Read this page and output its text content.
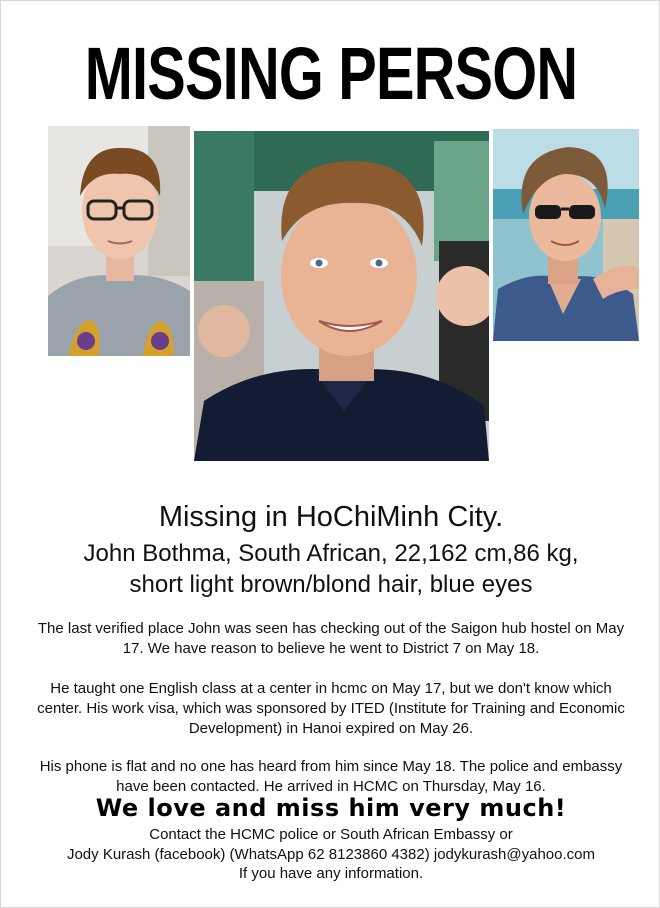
MISSING PERSON
Missing in HoChiMinh City.
John Bothma, South African, 22,162 cm,86 kg,
short light brown/blond hair, blue eyes
The last verified place John was seen has checking out of the Saigon hub hostel on May 17. We have reason to believe he went to District 7 on May 18.
He taught one English class at a center in hcmc on May 17, but we don't know which center. His work visa, which was sponsored by ITED (Institute for Training and Economic Development) in Hanoi expired on May 26.
His phone is flat and no one has heard from him since May 18. The police and embassy have been contacted. He arrived in HCMC on Thursday, May 16.
We love and miss him very much!
Contact the HCMC police or South African Embassy or
Jody Kurash (facebook) (WhatsApp 62 8123860 4382) jodykurash@yahoo.com
If you have any information.
